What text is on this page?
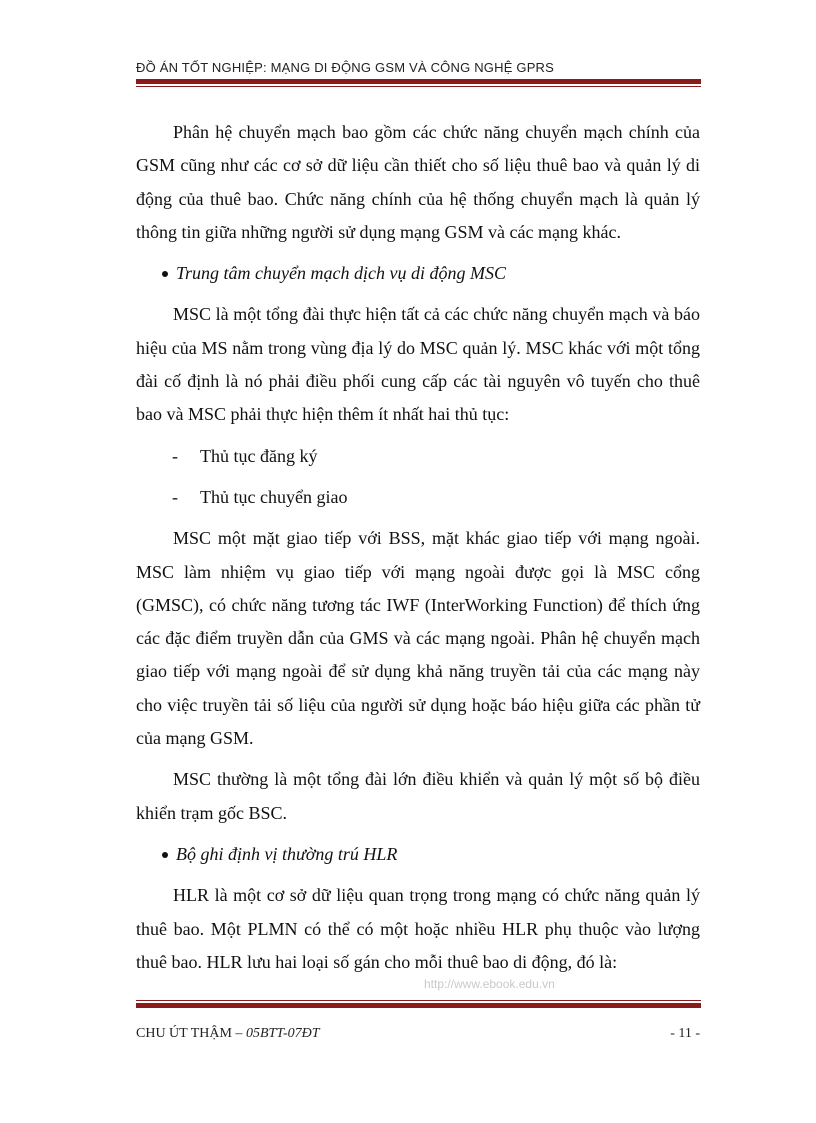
ĐỒ ÁN TỐT NGHIỆP: MẠNG DI ĐỘNG GSM VÀ CÔNG NGHỆ GPRS

Phân hệ chuyển mạch bao gồm các chức năng chuyển mạch chính của GSM cũng như các cơ sở dữ liệu cần thiết cho số liệu thuê bao và quản lý di động của thuê bao. Chức năng chính của hệ thống chuyển mạch là quản lý thông tin giữa những người sử dụng mạng GSM và các mạng khác.

Trung tâm chuyển mạch dịch vụ di động MSC

MSC là một tổng đài thực hiện tất cả các chức năng chuyển mạch và báo hiệu của MS nằm trong vùng địa lý do MSC quản lý. MSC khác với một tổng đài cố định là nó phải điều phối cung cấp các tài nguyên vô tuyến cho thuê bao và MSC phải thực hiện thêm ít nhất hai thủ tục:

- Thủ tục đăng ký

- Thủ tục chuyển giao

MSC một mặt giao tiếp với BSS, mặt khác giao tiếp với mạng ngoài. MSC làm nhiệm vụ giao tiếp với mạng ngoài được gọi là MSC cổng (GMSC), có chức năng tương tác IWF (InterWorking Function) để thích ứng các đặc điểm truyền dẫn của GMS và các mạng ngoài. Phân hệ chuyển mạch giao tiếp với mạng ngoài để sử dụng khả năng truyền tải của các mạng này cho việc truyền tải số liệu của người sử dụng hoặc báo hiệu giữa các phần tử của mạng GSM.

MSC thường là một tổng đài lớn điều khiển và quản lý một số bộ điều khiển trạm gốc BSC.

Bộ ghi định vị thường trú HLR

HLR là một cơ sở dữ liệu quan trọng trong mạng có chức năng quản lý thuê bao. Một PLMN có thể có một hoặc nhiều HLR phụ thuộc vào lượng thuê bao. HLR lưu hai loại số gán cho mỗi thuê bao di động, đó là:

http://www.ebook.edu.vn
CHU ÚT THẬM – 05BTT-07ĐT	- 11 -
